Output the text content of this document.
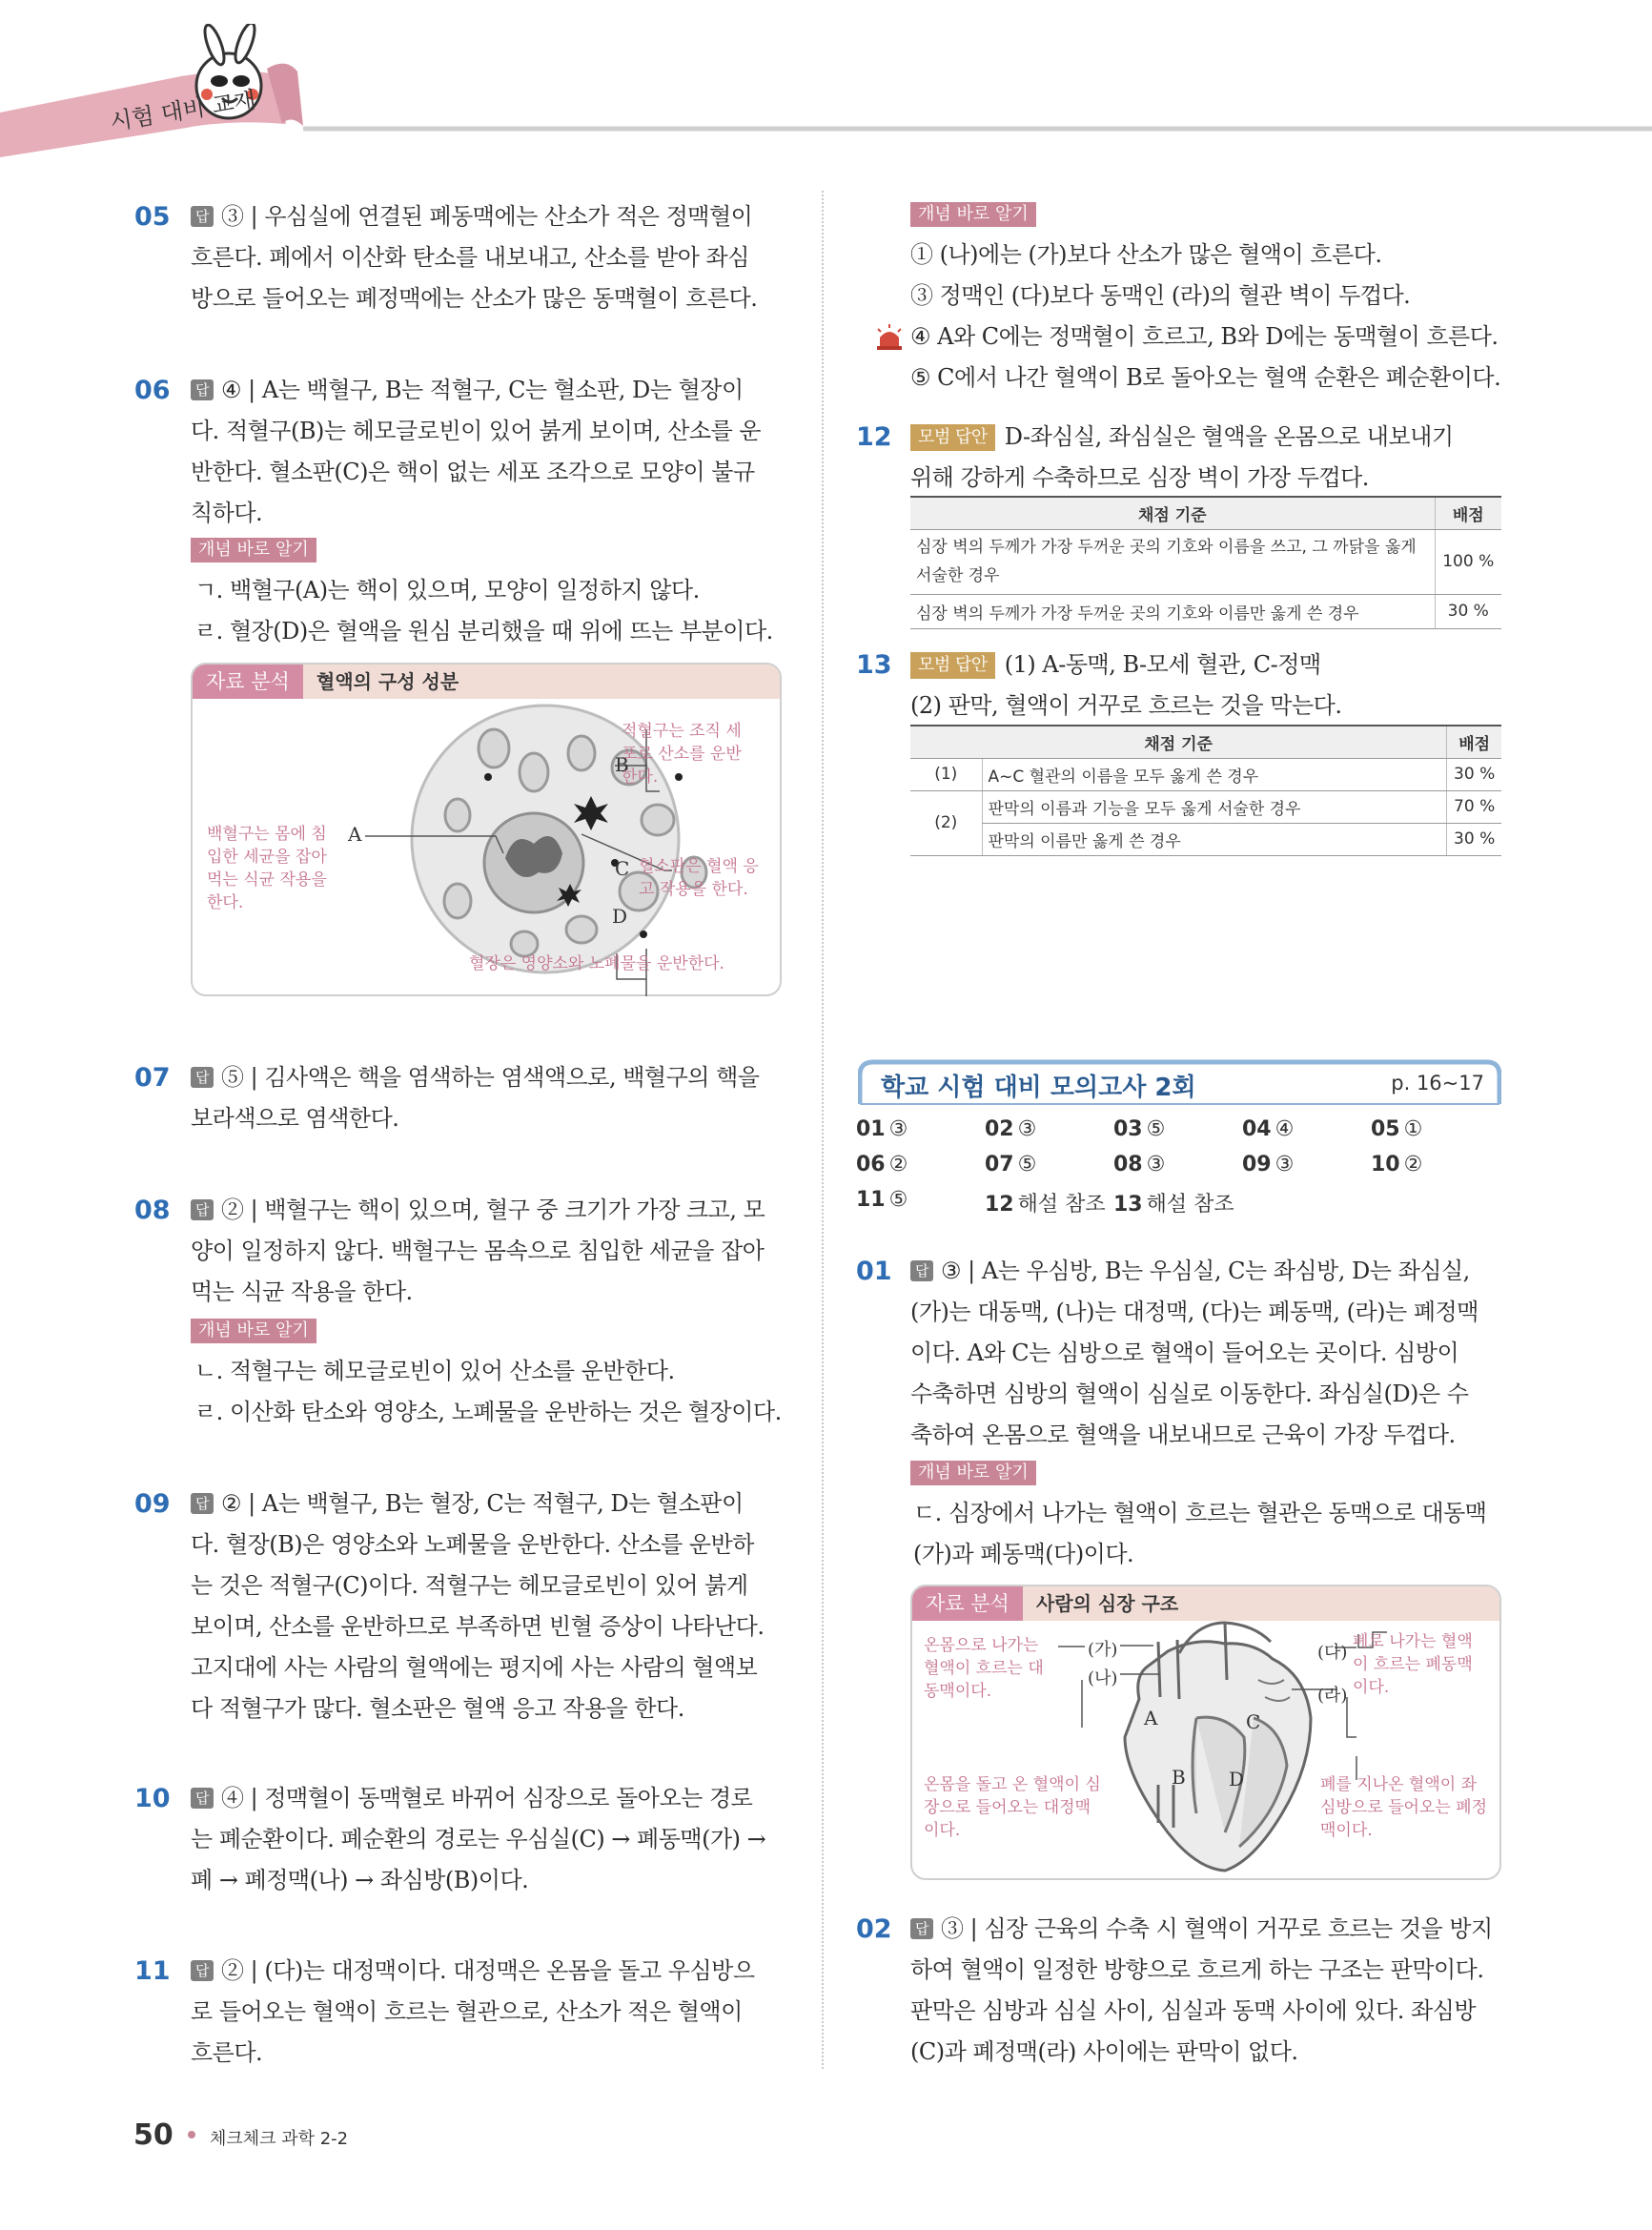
시험 대비 교재
05	답 ③ | 우심실에 연결된 폐동맥에는 산소가 적은 정맥혈이
흐른다. 폐에서 이산화 탄소를 내보내고, 산소를 받아 좌심
방으로 들어오는 폐정맥에는 산소가 많은 동맥혈이 흐른다.
06	답 ④ | A는 백혈구, B는 적혈구, C는 혈소판, D는 혈장이
다. 적혈구(B)는 헤모글로빈이 있어 붉게 보이며, 산소를 운
반한다. 혈소판(C)은 핵이 없는 세포 조각으로 모양이 불규
칙하다.
개념 바로 알기
ㄱ. 백혈구(A)는 핵이 있으며, 모양이 일정하지 않다.
ㄹ. 혈장(D)은 혈액을 원심 분리했을 때 위에 뜨는 부분이다.
자료 분석	혈액의 구성 성분
적혈구는 조직 세
포로 산소를 운반
한다.
B
백혈구는 몸에 침
입한 세균을 잡아
먹는 식균 작용을
한다.
A
C 혈소판은 혈액 응
고 작용을 한다.
D
혈장은 영양소와 노폐물을 운반한다.
07	답 ⑤ | 김사액은 핵을 염색하는 염색액으로, 백혈구의 핵을
보라색으로 염색한다.
08	답 ② | 백혈구는 핵이 있으며, 혈구 중 크기가 가장 크고, 모
양이 일정하지 않다. 백혈구는 몸속으로 침입한 세균을 잡아
먹는 식균 작용을 한다.
개념 바로 알기
ㄴ. 적혈구는 헤모글로빈이 있어 산소를 운반한다.
ㄹ. 이산화 탄소와 영양소, 노폐물을 운반하는 것은 혈장이다.
09	답 ② | A는 백혈구, B는 혈장, C는 적혈구, D는 혈소판이
다. 혈장(B)은 영양소와 노폐물을 운반한다. 산소를 운반하
는 것은 적혈구(C)이다. 적혈구는 헤모글로빈이 있어 붉게
보이며, 산소를 운반하므로 부족하면 빈혈 증상이 나타난다.
고지대에 사는 사람의 혈액에는 평지에 사는 사람의 혈액보
다 적혈구가 많다. 혈소판은 혈액 응고 작용을 한다.
10	답 ④ | 정맥혈이 동맥혈로 바뀌어 심장으로 돌아오는 경로
는 폐순환이다. 폐순환의 경로는 우심실(C) → 폐동맥(가) →
폐 → 폐정맥(나) → 좌심방(B)이다.
11	답 ② | (다)는 대정맥이다. 대정맥은 온몸을 돌고 우심방으
로 들어오는 혈액이 흐르는 혈관으로, 산소가 적은 혈액이
흐른다.
개념 바로 알기
① (나)에는 (가)보다 산소가 많은 혈액이 흐른다.
③ 정맥인 (다)보다 동맥인 (라)의 혈관 벽이 두껍다.
④ A와 C에는 정맥혈이 흐르고, B와 D에는 동맥혈이 흐른다.
⑤ C에서 나간 혈액이 B로 돌아오는 혈액 순환은 폐순환이다.
12	모범 답안 D-좌심실, 좌심실은 혈액을 온몸으로 내보내기
위해 강하게 수축하므로 심장 벽이 가장 두껍다.
채점 기준	배점
심장 벽의 두께가 가장 두꺼운 곳의 기호와 이름을 쓰고, 그 까닭을 옳게 서술한 경우	100 %
심장 벽의 두께가 가장 두꺼운 곳의 기호와 이름만 옳게 쓴 경우	30 %
13	모범 답안 (1) A-동맥, B-모세 혈관, C-정맥
(2) 판막, 혈액이 거꾸로 흐르는 것을 막는다.
채점 기준		배점
(1)	A~C 혈관의 이름을 모두 옳게 쓴 경우	30 %
(2)	판막의 이름과 기능을 모두 옳게 서술한 경우	70 %
	판막의 이름만 옳게 쓴 경우	30 %
학교 시험 대비 모의고사 2회	p. 16~17
01 ③	02 ③	03 ⑤	04 ④	05 ①
06 ②	07 ⑤	08 ③	09 ③	10 ②
11 ⑤	12 해설 참조 13 해설 참조
01	답 ③ | A는 우심방, B는 우심실, C는 좌심방, D는 좌심실,
(가)는 대동맥, (나)는 대정맥, (다)는 폐동맥, (라)는 폐정맥
이다. A와 C는 심방으로 혈액이 들어오는 곳이다. 심방이
수축하면 심방의 혈액이 심실로 이동한다. 좌심실(D)은 수
축하여 온몸으로 혈액을 내보내므로 근육이 가장 두껍다.
개념 바로 알기
ㄷ. 심장에서 나가는 혈액이 흐르는 혈관은 동맥으로 대동맥
(가)과 폐동맥(다)이다.
자료 분석	사람의 심장 구조
온몸으로 나가는
혈액이 흐르는 대
동맥이다.
(가)
(나)
온몸을 돌고 온 혈액이 심
장으로 들어오는 대정맥
이다.
(다)
폐로 나가는 혈액
이 흐르는 폐동맥
이다.
(라)
폐를 지나온 혈액이 좌
심방으로 들어오는 폐정
맥이다.
A	C
B D
02	답 ③ | 심장 근육의 수축 시 혈액이 거꾸로 흐르는 것을 방지
하여 혈액이 일정한 방향으로 흐르게 하는 구조는 판막이다.
판막은 심방과 심실 사이, 심실과 동맥 사이에 있다. 좌심방
(C)과 폐정맥(라) 사이에는 판막이 없다.
50 체크체크 과학 2-2
